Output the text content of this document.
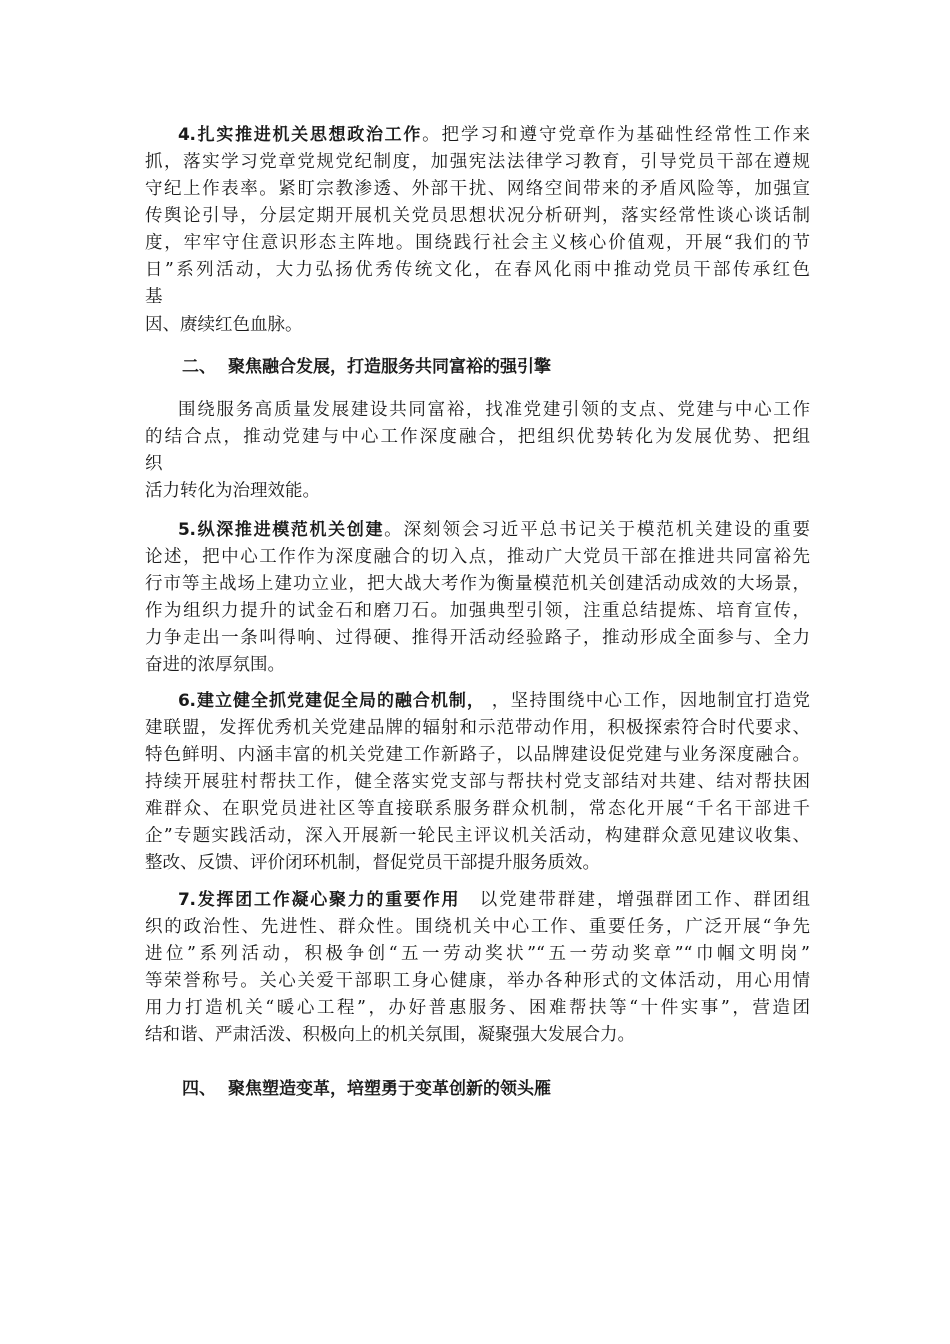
4.扎实推进机关思想政治工作。把学习和遵守党章作为基础性经常性工作来
抓，落实学习党章党规党纪制度，加强宪法法律学习教育，引导党员干部在遵规
守纪上作表率。紧盯宗教渗透、外部干扰、网络空间带来的矛盾风险等，加强宣
传舆论引导，分层定期开展机关党员思想状况分析研判，落实经常性谈心谈话制
度，牢牢守住意识形态主阵地。围绕践行社会主义核心价值观，开展“我们的节
日”系列活动，大力弘扬优秀传统文化，在春风化雨中推动党员干部传承红色
基
因、赓续红色血脉。
二、 聚焦融合发展，打造服务共同富裕的强引擎
围绕服务高质量发展建设共同富裕，找准党建引领的支点、党建与中心工作
的结合点，推动党建与中心工作深度融合，把组织优势转化为发展优势、把组
织
活力转化为治理效能。
5.纵深推进模范机关创建。深刻领会习近平总书记关于模范机关建设的重要
论述，把中心工作作为深度融合的切入点，推动广大党员干部在推进共同富裕先
行市等主战场上建功立业，把大战大考作为衡量模范机关创建活动成效的大场景，
作为组织力提升的试金石和磨刀石。加强典型引领，注重总结提炼、培育宣传，
力争走出一条叫得响、过得硬、推得开活动经验路子，推动形成全面参与、全力
奋进的浓厚氛围。
6.建立健全抓党建促全局的融合机制， ，坚持围绕中心工作，因地制宜打造党
建联盟，发挥优秀机关党建品牌的辐射和示范带动作用，积极探索符合时代要求、
特色鲜明、内涵丰富的机关党建工作新路子，以品牌建设促党建与业务深度融合。
持续开展驻村帮扶工作，健全落实党支部与帮扶村党支部结对共建、结对帮扶困
难群众、在职党员进社区等直接联系服务群众机制，常态化开展“千名干部进千
企”专题实践活动，深入开展新一轮民主评议机关活动，构建群众意见建议收集、
整改、反馈、评价闭环机制，督促党员干部提升服务质效。
7.发挥团工作凝心聚力的重要作用　以党建带群建，增强群团工作、群团组
织的政治性、先进性、群众性。围绕机关中心工作、重要任务，广泛开展“争先
进位”系列活动，积极争创“五一劳动奖状”“五一劳动奖章”“巾帼文明岗”
等荣誉称号。关心关爱干部职工身心健康，举办各种形式的文体活动，用心用情
用力打造机关“暖心工程”，办好普惠服务、困难帮扶等“十件实事”，营造团
结和谐、严肃活泼、积极向上的机关氛围，凝聚强大发展合力。
四、 聚焦塑造变革，培塑勇于变革创新的领头雁
